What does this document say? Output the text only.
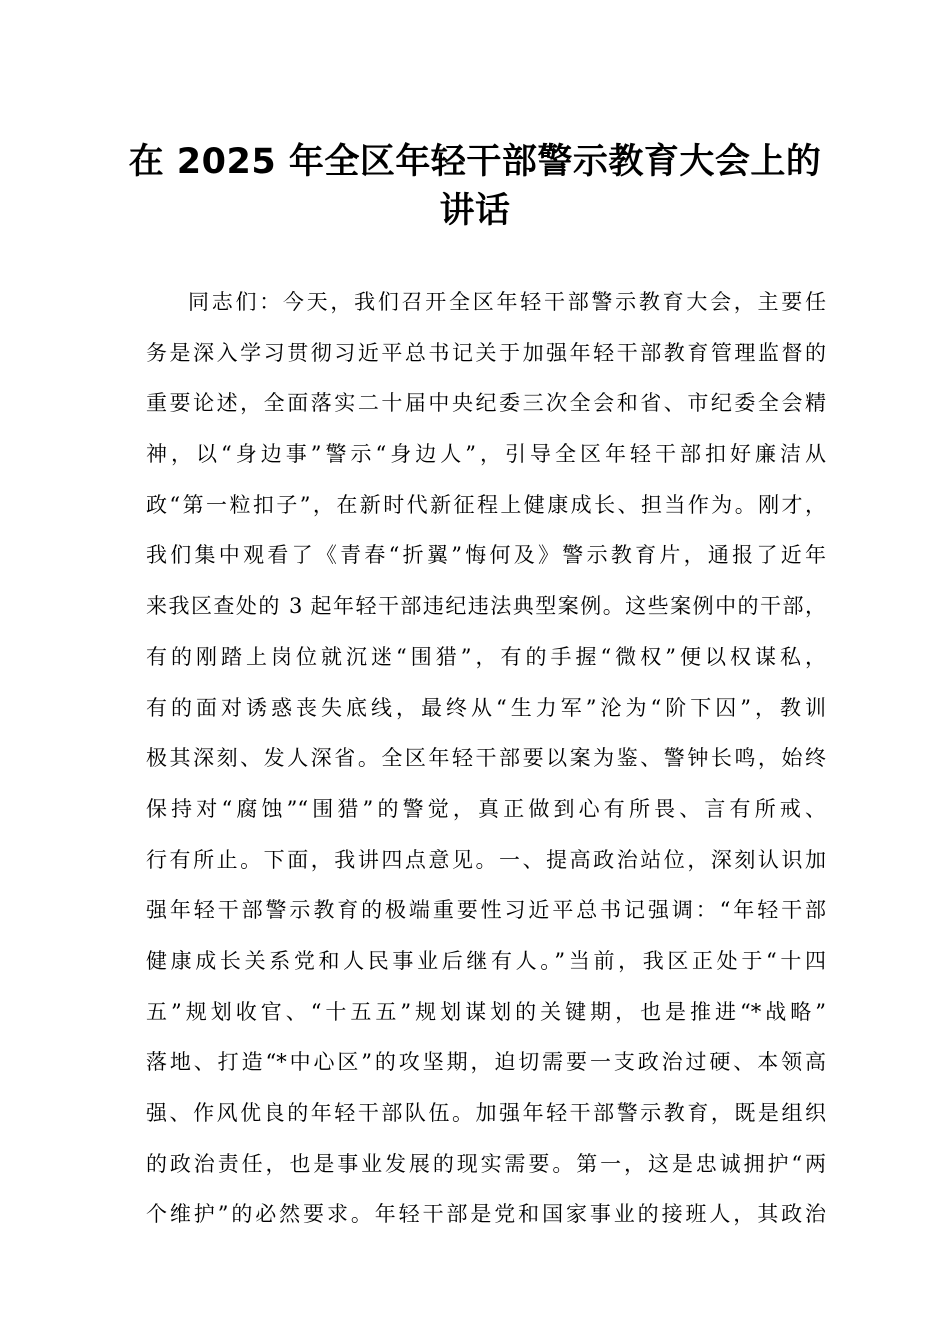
在 2025 年全区年轻干部警示教育大会上的
讲话
同志们：今天，我们召开全区年轻干部警示教育大会，主要任
务是深入学习贯彻习近平总书记关于加强年轻干部教育管理监督的
重要论述，全面落实二十届中央纪委三次全会和省、市纪委全会精
神，以“身边事”警示“身边人”，引导全区年轻干部扣好廉洁从
政“第一粒扣子”，在新时代新征程上健康成长、担当作为。刚才，
我们集中观看了《青春“折翼”悔何及》警示教育片，通报了近年
来我区查处的 3 起年轻干部违纪违法典型案例。这些案例中的干部，
有的刚踏上岗位就沉迷“围猎”，有的手握“微权”便以权谋私，
有的面对诱惑丧失底线，最终从“生力军”沦为“阶下囚”，教训
极其深刻、发人深省。全区年轻干部要以案为鉴、警钟长鸣，始终
保持对“腐蚀”“围猎”的警觉，真正做到心有所畏、言有所戒、
行有所止。下面，我讲四点意见。一、提高政治站位，深刻认识加
强年轻干部警示教育的极端重要性习近平总书记强调：“年轻干部
健康成长关系党和人民事业后继有人。”当前，我区正处于“十四
五”规划收官、“十五五”规划谋划的关键期，也是推进“*战略”
落地、打造“*中心区”的攻坚期，迫切需要一支政治过硬、本领高
强、作风优良的年轻干部队伍。加强年轻干部警示教育，既是组织
的政治责任，也是事业发展的现实需要。第一，这是忠诚拥护“两
个维护”的必然要求。年轻干部是党和国家事业的接班人，其政治
